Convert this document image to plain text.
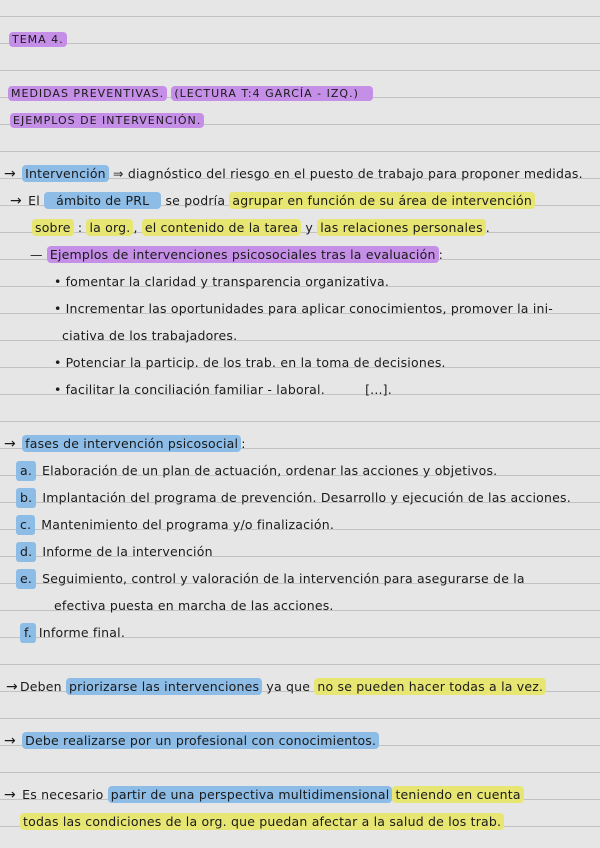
TEMA 4.
MEDIDAS PREVENTIVAS. (LECTURA T:4 GARCÍA - IZQ.)
EJEMPLOS DE INTERVENCIÓN.
→ Intervención ⇒ diagnóstico del riesgo en el puesto de trabajo para proponer medidas.
→ El ámbito de PRL se podría agrupar en función de su área de intervención
sobre : la org. , el contenido de la tarea y las relaciones personales .
— Ejemplos de intervenciones psicosociales tras la evaluación :
• fomentar la claridad y transparencia organizativa.
• Incrementar las oportunidades para aplicar conocimientos, promover la ini-
ciativa de los trabajadores.
• Potenciar la particip. de los trab. en la toma de decisiones.
• facilitar la conciliación familiar - laboral.	[...].
→ fases de intervención psicosocial :
a. Elaboración de un plan de actuación, ordenar las acciones y objetivos.
b. Implantación del programa de prevención. Desarrollo y ejecución de las acciones.
c. Mantenimiento del programa y/o finalización.
d. Informe de la intervención
e. Seguimiento, control y valoración de la intervención para asegurarse de la
efectiva puesta en marcha de las acciones.
f. Informe final.
→ Deben priorizarse las intervenciones ya que no se pueden hacer todas a la vez.
→ Debe realizarse por un profesional con conocimientos.
→ Es necesario partir de una perspectiva multidimensional teniendo en cuenta
todas las condiciones de la org. que puedan afectar a la salud de los trab.
